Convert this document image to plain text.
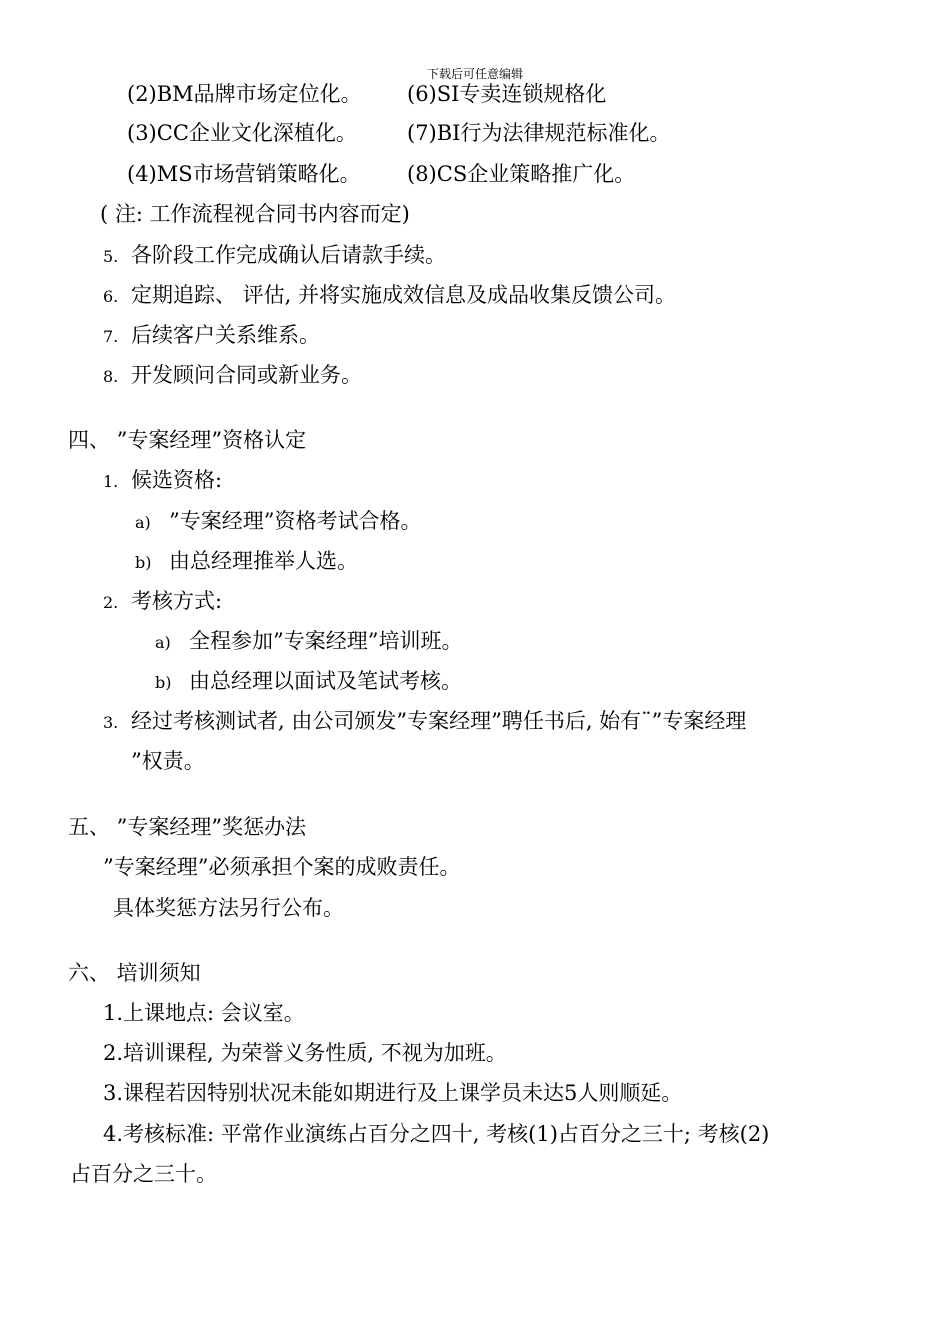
下载后可任意编辑

(2)BM品牌市场定位化。 (6)SI专卖连锁规格化

(3)CC企业文化深植化。 (7)BI行为法律规范标准化。

(4)MS市场营销策略化。 (8)CS企业策略推广化。

( 注: 工作流程视合同书内容而定)

5. 各阶段工作完成确认后请款手续。

6. 定期追踪、 评估, 并将实施成效信息及成品收集反馈公司。

7. 后续客户关系维系。

8. 开发顾问合同或新业务。

四、 ”专案经理”资格认定

1. 候选资格:

a) ”专案经理”资格考试合格。

b) 由总经理推举人选。

2. 考核方式:

a) 全程参加”专案经理”培训班。

b) 由总经理以面试及笔试考核。

3. 经过考核测试者, 由公司颁发”专案经理”聘任书后, 始有¨”专案经理

”权责。

五、 ”专案经理”奖惩办法

”专案经理”必须承担个案的成败责任。

具体奖惩方法另行公布。

六、 培训须知

1.上课地点: 会议室。

2.培训课程, 为荣誉义务性质, 不视为加班。

3.课程若因特别状况未能如期进行及上课学员未达5人则顺延。

4.考核标准: 平常作业演练占百分之四十, 考核(1)占百分之三十; 考核(2)

占百分之三十。
